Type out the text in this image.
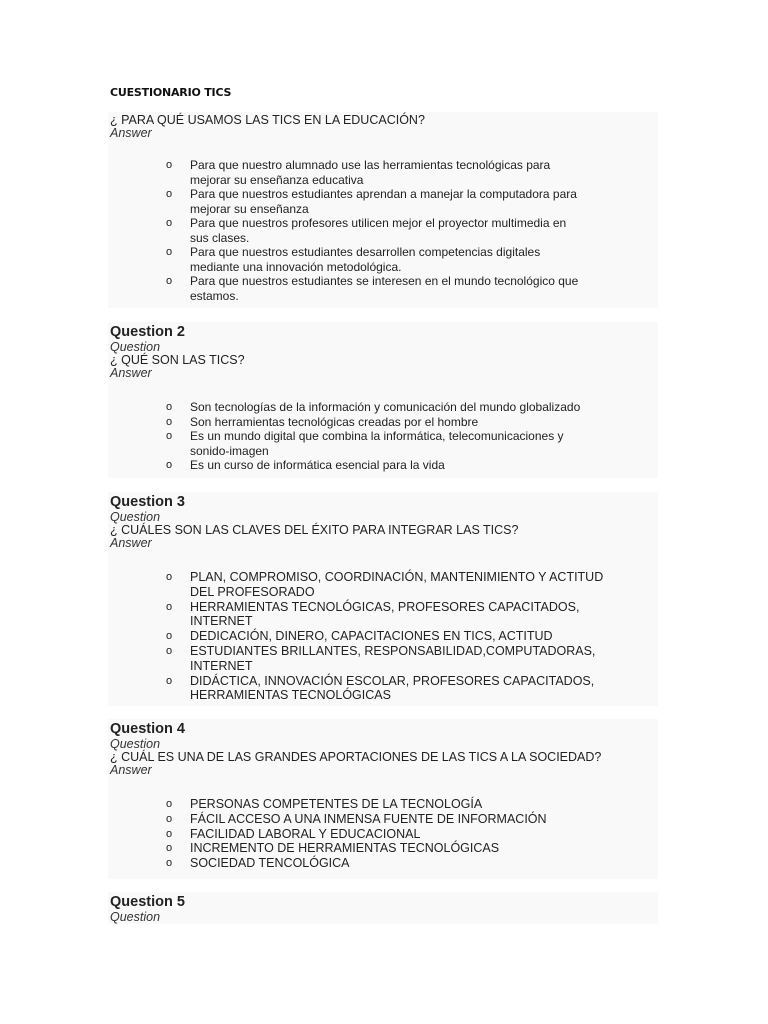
CUESTIONARIO TICS
¿ PARA QUÉ USAMOS LAS TICS EN LA EDUCACIÓN?
Answer
o Para que nuestro alumnado use las herramientas tecnológicas para mejorar su enseñanza educativa
o Para que nuestros estudiantes aprendan a manejar la computadora para mejorar su enseñanza
o Para que nuestros profesores utilicen mejor el proyector multimedia en sus clases.
o Para que nuestros estudiantes desarrollen competencias digitales mediante una innovación metodológica.
o Para que nuestros estudiantes se interesen en el mundo tecnológico que estamos.
Question 2
Question
¿ QUÉ SON LAS TICS?
Answer
o Son tecnologías de la información y comunicación del mundo globalizado
o Son herramientas tecnológicas creadas por el hombre
o Es un mundo digital que combina la informática, telecomunicaciones y sonido-imagen
o Es un curso de informática esencial para la vida
Question 3
Question
¿ CUÁLES SON LAS CLAVES DEL ÉXITO PARA INTEGRAR LAS TICS?
Answer
o PLAN, COMPROMISO, COORDINACIÓN, MANTENIMIENTO Y ACTITUD DEL PROFESORADO
o HERRAMIENTAS TECNOLÓGICAS, PROFESORES CAPACITADOS, INTERNET
o DEDICACIÓN, DINERO, CAPACITACIONES EN TICS, ACTITUD
o ESTUDIANTES BRILLANTES, RESPONSABILIDAD,COMPUTADORAS, INTERNET
o DIDÁCTICA, INNOVACIÓN ESCOLAR, PROFESORES CAPACITADOS, HERRAMIENTAS TECNOLÓGICAS
Question 4
Question
¿ CUÁL ES UNA DE LAS GRANDES APORTACIONES DE LAS TICS A LA SOCIEDAD?
Answer
o PERSONAS COMPETENTES DE LA TECNOLOGÍA
o FÁCIL ACCESO A UNA INMENSA FUENTE DE INFORMACIÓN
o FACILIDAD LABORAL Y EDUCACIONAL
o INCREMENTO DE HERRAMIENTAS TECNOLÓGICAS
o SOCIEDAD TENCOLÓGICA
Question 5
Question
